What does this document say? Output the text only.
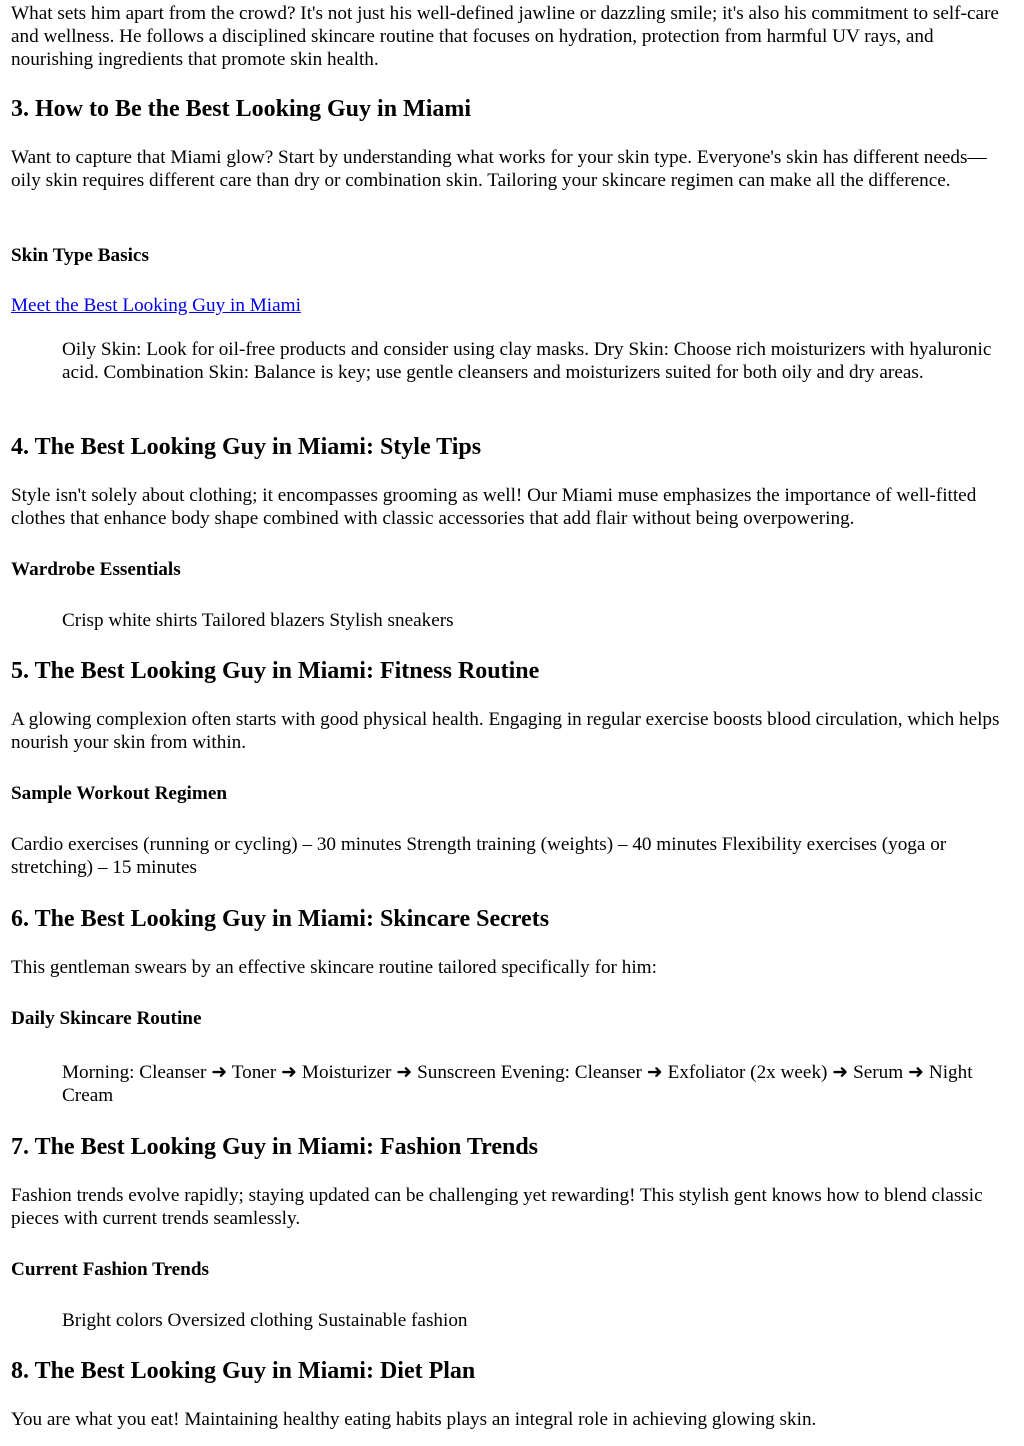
What sets him apart from the crowd? It's not just his well-defined jawline or dazzling smile; it's also his commitment to self-care and wellness. He follows a disciplined skincare routine that focuses on hydration, protection from harmful UV rays, and nourishing ingredients that promote skin health.

3. How to Be the Best Looking Guy in Miami

Want to capture that Miami glow? Start by understanding what works for your skin type. Everyone's skin has different needs—oily skin requires different care than dry or combination skin. Tailoring your skincare regimen can make all the difference.

Skin Type Basics
Meet the Best Looking Guy in Miami
Oily Skin: Look for oil-free products and consider using clay masks. Dry Skin: Choose rich moisturizers with hyaluronic acid. Combination Skin: Balance is key; use gentle cleansers and moisturizers suited for both oily and dry areas.
4. The Best Looking Guy in Miami: Style Tips

Style isn't solely about clothing; it encompasses grooming as well! Our Miami muse emphasizes the importance of well-fitted clothes that enhance body shape combined with classic accessories that add flair without being overpowering.

Wardrobe Essentials
Crisp white shirts Tailored blazers Stylish sneakers
5. The Best Looking Guy in Miami: Fitness Routine

A glowing complexion often starts with good physical health. Engaging in regular exercise boosts blood circulation, which helps nourish your skin from within.

Sample Workout Regimen

Cardio exercises (running or cycling) – 30 minutes Strength training (weights) – 40 minutes Flexibility exercises (yoga or stretching) – 15 minutes

6. The Best Looking Guy in Miami: Skincare Secrets

This gentleman swears by an effective skincare routine tailored specifically for him:

Daily Skincare Routine
Morning: Cleanser ➜ Toner ➜ Moisturizer ➜ Sunscreen Evening: Cleanser ➜ Exfoliator (2x week) ➜ Serum ➜ Night Cream
7. The Best Looking Guy in Miami: Fashion Trends

Fashion trends evolve rapidly; staying updated can be challenging yet rewarding! This stylish gent knows how to blend classic pieces with current trends seamlessly.

Current Fashion Trends
Bright colors Oversized clothing Sustainable fashion
8. The Best Looking Guy in Miami: Diet Plan

You are what you eat! Maintaining healthy eating habits plays an integral role in achieving glowing skin.
